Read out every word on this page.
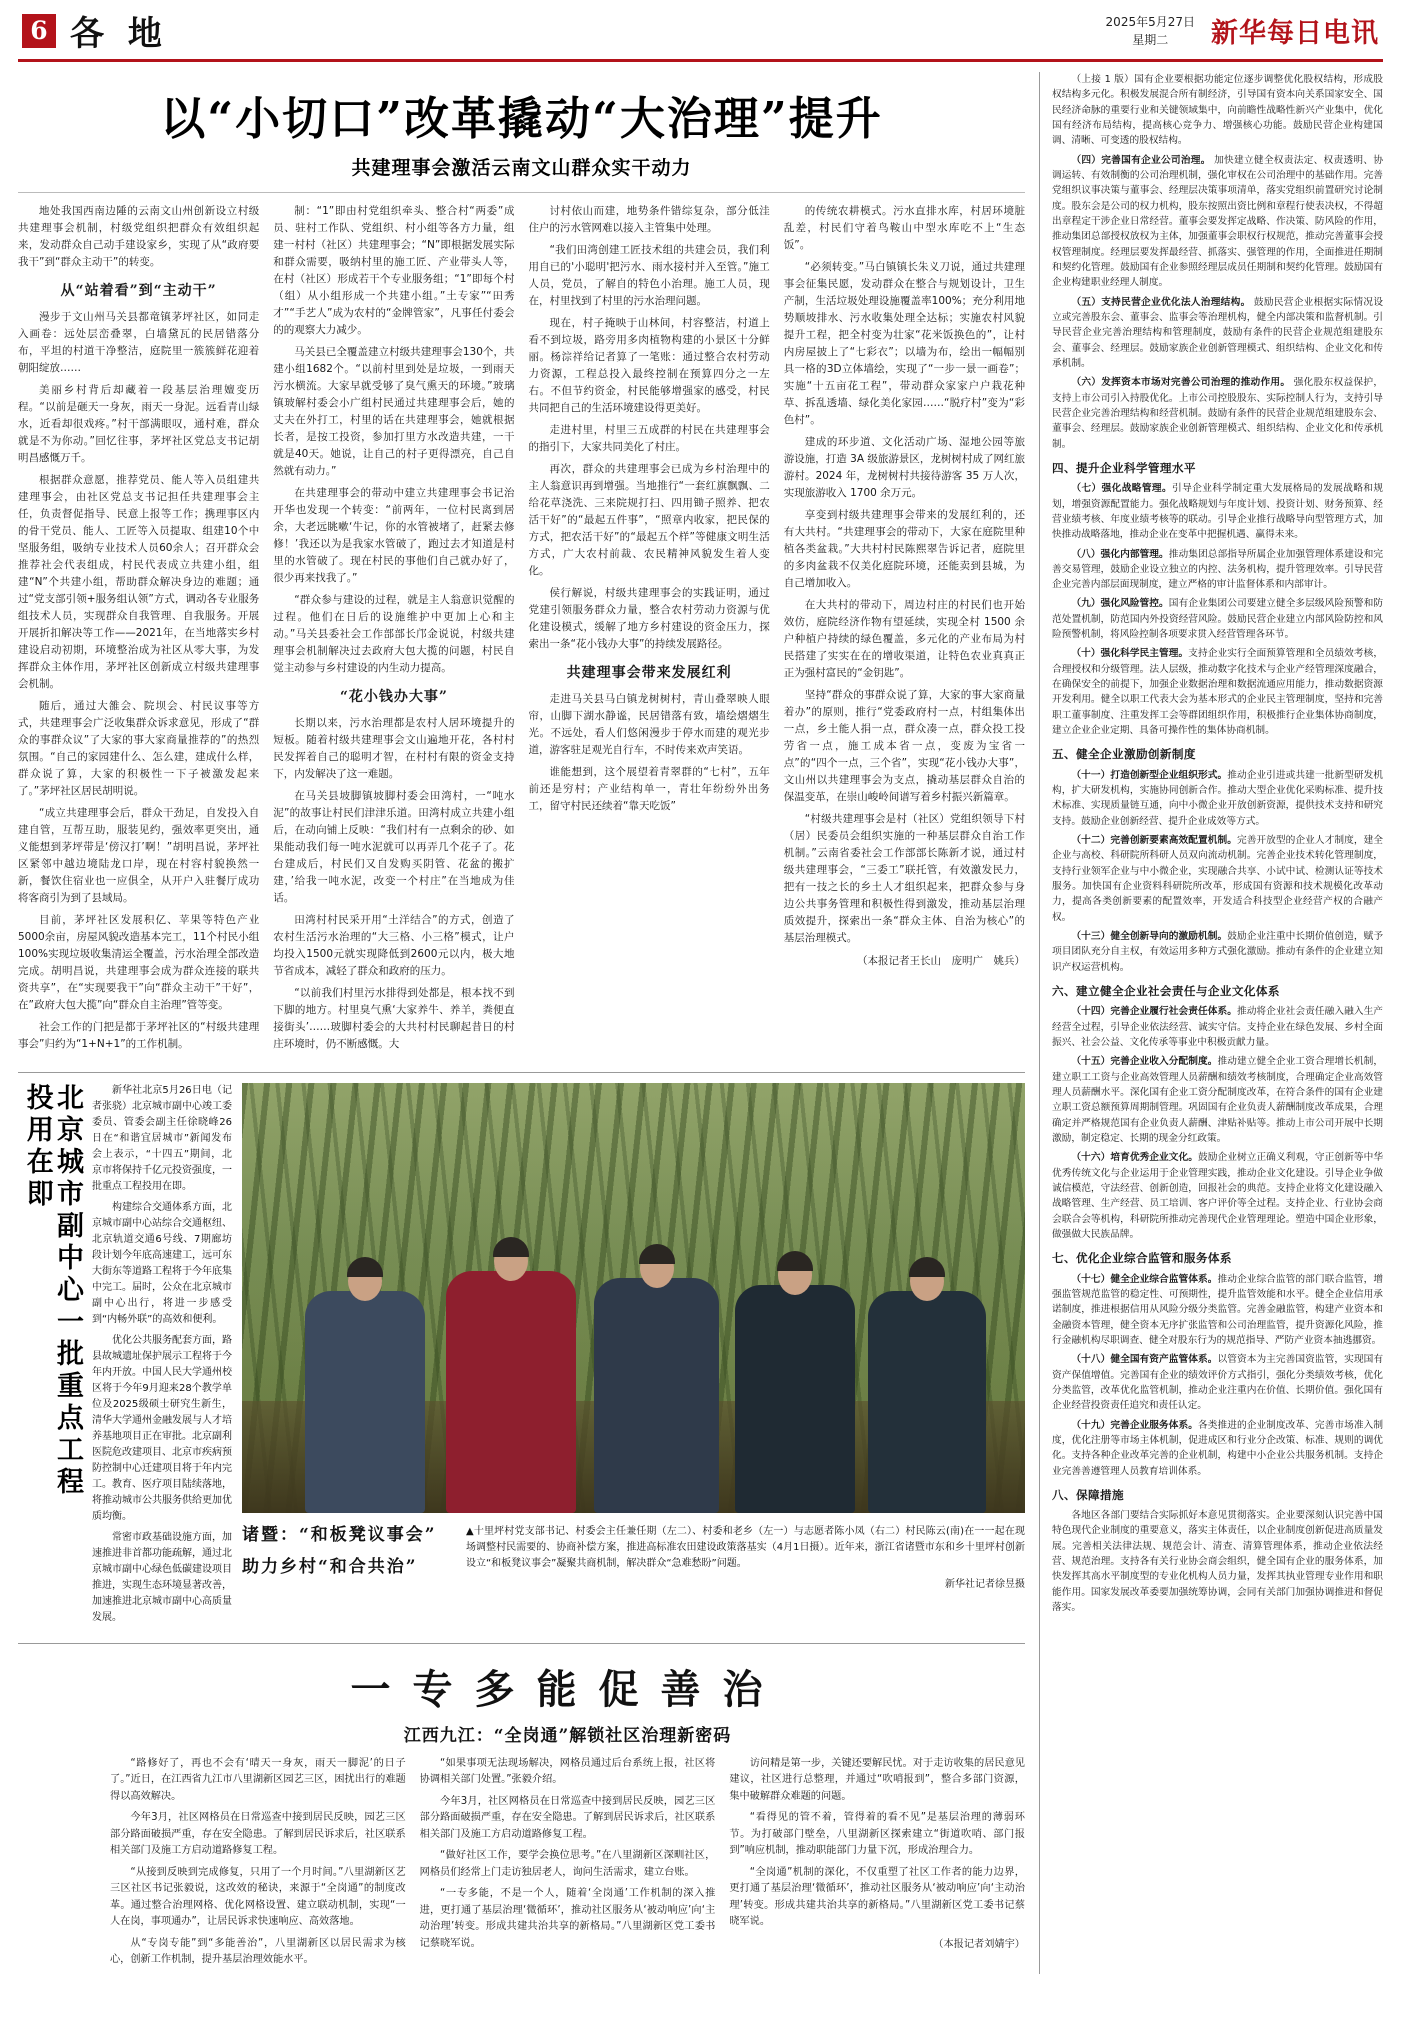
6 各 地	2025年5月27日
星期二	新华每日电讯
以“小切口”改革撬动“大治理”提升
共建理事会激活云南文山群众实干动力

地处我国西南边陲的云南文山州创新设立村级共建理事会机制，村级党组织把群众有效组织起来，发动群众自己动手建设家乡，实现了从“政府要我干”到“群众主动干”的转变。

从“站着看”到“主动干”

漫步于文山州马关县都竜镇茅坪社区，如同走入画卷：远处层峦叠翠，白墙黛瓦的民居错落分布，平坦的村道干净整洁，庭院里一簇簇鲜花迎着朝阳绽放……

美丽乡村背后却藏着一段基层治理嬗变历程。“以前是砸天一身灰，雨天一身泥。远看青山绿水，近看却很戏疼。”村干部满眼叹，通村难，群众就是不为你动。”回忆往事，茅坪社区党总支书记胡明昌感慨万千。

根据群众意愿，推荐党员、能人等入员组建共建理事会，由社区党总支书记担任共建理事会主任，负责督促指导、民意上报等工作；携理事区内的骨干党员、能人、工匠等入员提取、组建10个中坚服务组，吸纳专业技术人员60余人；召开群众会推荐社会代表组成，村民代表成立共建小组，组建“N”个共建小组，帮助群众解决身边的难题；通过“党支部引领+服务组认领”方式，调动各专业服务组技术人员，实现群众自我管理、自我服务。开展开展折扣解决等工作——2021年，在当地落实乡村建设启动初期，环境整治成为社区从零大事，为发挥群众主体作用，茅坪社区创新成立村级共建理事会机制。

随后，通过大雒会、院坝会、村民议事等方式，共建理事会广泛收集群众诉求意见，形成了“群众的事群众议”了大家的事大家商量推荐的”的热烈氛围。“自己的家园建什么、怎么建，建成什么样，群众说了算，大家的积极性一下子被激发起来了。”茅坪社区居民胡明说。

“成立共建理事会后，群众干劲足，自发投入自建自管，互帮互助，服装见约，强效率更突出，通义能想到茅坪带是‘傍汉打’啊！”胡明昌说，茅坪社区紧邻中越边境陆龙口岸，现在村容村貌换然一新，餐饮住宿业也一应俱全，从开户入驻餐厅成功将客商引为到了县域局。

目前，茅坪社区发展积亿、苹果等特色产业5000余亩，房屋风貌改造基本完工，11个村民小组100%实现垃圾收集清运全覆盖，污水治理全部改造完成。胡明昌说，共建理事会成为群众连接的联共资共享”，在“实现要我干”向“群众主动干”干好”，在”政府大包大揽”向“群众自主治理”管等变。

社会工作的门把是都于茅坪社区的“村级共建理事会”归约为“1+N+1”的工作机制。

制：“1”即由村党组织牵头、整合村“两委”成员、驻村工作队、党组织、村小组等各方力量，组建一村村（社区）共建理事会；“N”即根据发展实际和群众需要，吸纳村里的施工匠、产业带头人等，在村（社区）形成若干个专业服务组；“1”即每个村（组）从小组形成一个共建小组。”土专家”“田秀才”“手艺人”成为农村的“金牌管家”，凡事任付委会的的观察大力减少。

马关县已全覆盖建立村级共建理事会130个，共建小组1682个。“以前村里到处是垃圾，一到雨天污水横流。大家早就受够了臭气熏天的环境。”玻璃镇玻解村委会小广组村民通过共建理事会后，她的丈夫在外打工，村里的话在共建理事会，她就根据长者，是按工投资，参加打里方水改造共建，一干就是40天。她说，让自己的村子更得漂亮，自己自然就有动力。”

在共建理事会的带动中建立共建理事会书记治开华也发现一个转变：“前两年，一位村民离到居余，大老远眺嗽‘牛记，你的水管被堵了，赶紧去修修！’我还以为是我家水管破了，跑过去才知道是村里的水管破了。现在村民的事他们自己就办好了，很少再来找我了。”

“群众参与建设的过程，就是主人翁意识觉醒的过程。他们在日后的设施维护中更加上心和主动。”马关县委社会工作部部长邝金说说，村级共建理事会机制解决过去政府大包大揽的问题，村民自觉主动参与乡村建设的内生动力提高。

“花小钱办大事”

长期以来，污水治理都是农村人居环境提升的短板。随着村级共建理事会文山遍地开花，各村村民发挥着自己的聪明才智，在村村有限的资金支持下，内发解决了这一难题。

在马关县坡脚镇坡脚村委会田湾村，一“吨水泥”的故事让村民们津津乐道。田湾村成立共建小组后，在动向铺上反映：“我们村有一点剩余的砂、如果能动我们每一吨水泥就可以再弄几个花子了。花台建成后，村民们又自发购买阴管、花盆的搬扩建，’给我一吨水泥，改变一个村庄”在当地成为佳话。

田湾村村民采开用“土洋结合”的方式，创造了农村生活污水治理的“大三格、小三格”模式，让户均投入1500元就实现降低到2600元以内，极大地节省成本，减轻了群众和政府的压力。

“以前我们村里污水排得到处都是，根本找不到下脚的地方。村里臭气熏‘大家养牛、养羊，粪便直接街头’……玻脚村委会的大共村村民聊起昔日的村庄环境时，仍不断感慨。大

讨村依山而建，地势条件错综复杂，部分低洼住户的污水管网难以接入主管集中处理。

“我们田湾创建工匠技术组的共建会员，我们利用自已的'小聪明'把污水、雨水接村并入至管。”施工人员，党员，了解自的特色小治理。施工人员，现在，村里找到了村里的污水治理问题。

现在，村子掩映于山林间，村容整洁，村道上看不到垃圾，路旁用多肉植物构建的小景区十分鲜丽。杨淙祥给记者算了一笔账：通过整合农村劳动力资源，工程总投入最终控制在预算四分之一左右。不但节约资金，村民能够增强家的感受，村民共同把自己的生活环境建设得更美好。

走进村里，村里三五成群的村民在共建理事会的指引下，大家共同美化了村庄。

再次，群众的共建理事会已成为乡村治理中的主人翁意识再到增强。当地推行“一套红旗飘飘、二给花草浇洗、三来院规打扫、四用锄子照养、把农活干好”的“最起五件事”，“照章内收家，把民保的方式，把农活干好”的“最起五个样”等健康文明生活方式，广大农村前裁、农民精神风貌发生着人变化。

侯行解说，村级共建理事会的实践证明，通过党建引领服务群众力量，整合农村劳动力资源与优化建设模式，缓解了地方乡村建设的资金压力，探索出一条“花小钱办大事”的持续发展路径。

共建理事会带来发展红利

走进马关县马白镇龙树树村，青山叠翠映人眼帘，山脚下湖水静谧，民居错落有致，墙绘熠熠生光。不远处，看人们悠闲漫步于停水而建的观光步道，游客驻足观光自行车，不时传来欢声笑语。

谁能想到，这个展望着青翠群的“七村”，五年前还是穷村；产业结构单一，青壮年纷纷外出务工，留守村民还续着“靠天吃饭”

的传统农耕模式。污水直排水库，村居环境脏乱差，村民们守着鸟鞍山中型水库吃不上“生态饭”。

“必须转变。”马白镇镇长朱义刀说，通过共建理事会征集民愿，发动群众在整合与规划设计，卫生产制，生活垃圾处理设施覆盖率100%；充分利用地势顺坡排水、污水收集处理全达标；实施农村风貌提升工程，把全村变为壮家“花米饭换色的”，让村内房屋披上了“七彩衣”；以墙为布，绘出一幅幅别具一格的3D立体墙绘，实现了“一步一景一画卷”；实施“十五亩花工程”，带动群众家家户户栽花种草、拆乱透墙、绿化美化家园……“脱疗村”变为“彩色村”。

建成的环步道、文化活动广场、湿地公园等旅游设施，打造 3A 级旅游景区，龙树树村成了网红旅游村。2024 年，龙树树村共接待游客 35 万人次，实现旅游收入 1700 余万元。

享变到村级共建理事会带来的发展红利的，还有大共村。“共建理事会的带动下，大家在庭院里种植各类盆栽。”大共村村民陈熙翠告诉记者，庭院里的多肉盆栽不仅美化庭院环境，还能卖到县城，为自己增加收入。

在大共村的带动下，周边村庄的村民们也开始效仿，庭院经济作物有望延续，实现全村 1500 余户种植户持续的绿色覆盖，多元化的产业布局为村民搭建了实实在在的增收渠道，让特色农业真真正正为强村富民的“金钥匙”。

坚持“群众的事群众说了算，大家的事大家商量着办”的原则，推行“党委政府村一点，村组集体出一点，乡土能人捐一点，群众凑一点，群众投工投劳省一点，施工成本省一点，变废为宝省一点”的“四个一点，三个省”，实现“花小钱办大事”，文山州以共建理事会为支点，撬动基层群众自治的保温变革，在崇山峻岭间谱写着乡村振兴新篇章。

“村级共建理事会是村（社区）党组织领导下村（居）民委员会组织实施的一种基层群众自治工作机制。”云南省委社会工作部部长陈新才说，通过村级共建理事会，“三委工”联托管，有效激发民力，把有一技之长的乡土人才组织起来，把群众参与身边公共事务管理和积极性得到激发，推动基层治理质效提升，探索出一条“群众主体、自治为核心”的基层治理模式。

（本报记者王长山　庞明广　姚兵）
北京城市副中心一批重点工程投用在即	新华社北京5月26日电（记者张骁）北京城市副中心竣工委委员、管委会副主任徐晓峰26日在“和谐宜居城市”新闻发布会上表示，“十四五”期间，北京市将保持千亿元投资强度，一批重点工程投用在即。

构建综合交通体系方面，北京城市副中心站综合交通枢纽、北京轨道交通6号线、7期廊坊段计划今年底高速建工，远可东大街东等道路工程将于今年底集中完工。届时，公众在北京城市副中心出行，将进一步感受到“内畅外联”的高效和便利。

优化公共服务配套方面，路县故城遗址保护展示工程将于今年内开放。中国人民大学通州校区将于今年9月迎来28个教学单位及2025级硕士研究生新生，清华大学通州金融发展与人才培养基地项目正在审批。北京副利医院危改建项目、北京市疾病预防控制中心迁建项目将于年内完工。教育、医疗项目陆续落地，将推动城市公共服务供给更加优质均衡。

常密市政基础设施方面，加速推进非首都功能疏解，通过北京城市副中心绿色低碳建设项目推进，实现生态环境显著改善，加速推进北京城市副中心高质量发展。

诸暨：“和板凳议事会”
助力乡村“和合共治”
▲十里坪村党支部书记、村委会主任兼任期（左二）、村委和老乡（左一）与志愿者陈小凤（右二）村民陈云(南)在一一起在现场调整村民需要的、协商补偿方案，推进高标准农田建设政策落基实（4月1日摄）。近年来，浙江省诸暨市东和乡十里坪村创新设立“和板凳议事会”凝聚共商机制，解决群众“急难愁盼”问题。
新华社记者徐昱摄
一专多能促善治
江西九江：“全岗通”解锁社区治理新密码

“路修好了，再也不会有‘晴天一身灰，雨天一脚泥’的日子了。”近日，在江西省九江市八里湖新区园艺三区，困扰出行的难题得以高效解决。

今年3月，社区网格员在日常巡查中接到居民反映，园艺三区部分路面破损严重，存在安全隐患。了解到居民诉求后，社区联系相关部门及施工方启动道路修复工程。

“从接到反映到完成修复，只用了一个月时间。”八里湖新区艺三区社区书记张毅说，这改效的秘诀，来源于“全岗通”的制度改革。通过整合治理网格、优化网格设置、建立联动机制，实现“一人在岗，事项通办”，让居民诉求快速响应、高效落地。

从“专岗专能”到“多能善治”，八里湖新区以居民需求为核心，创新工作机制，提升基层治理效能水平。

“如果事项无法现场解决，网格员通过后台系统上报，社区将协调相关部门处置。”张毅介绍。

今年3月，社区网格员在日常巡查中接到居民反映，园艺三区部分路面破损严重，存在安全隐患。了解到居民诉求后，社区联系相关部门及施工方启动道路修复工程。

“做好社区工作，要学会换位思考。”在八里湖新区深甽社区，网格员们经常上门走访独居老人，询问生活需求，建立台账。

“一专多能，不是一个人，随着‘全岗通’工作机制的深入推进，更打通了基层治理‘微循环’，推动社区服务从‘被动响应’向‘主动治理’转变。形成共建共治共享的新格局。”八里湖新区党工委书记蔡晓军说。

访问精是第一步，关键还要解民忧。对于走访收集的居民意见建议，社区进行总整理，并通过“吹哨报到”，整合多部门资源，集中破解群众难题的问题。

“看得见的管不着，管得着的看不见”是基层治理的薄弱环节。为打破部门壁垒，八里湖新区探索建立“街道吹哨、部门报到”响应机制，推动职能部门力量下沉，形成治理合力。

“全岗通”机制的深化，不仅重塑了社区工作者的能力边界，更打通了基层治理‘微循环’，推动社区服务从‘被动响应’向‘主动治理’转变。形成共建共治共享的新格局。”八里湖新区党工委书记蔡晓军说。

（本报记者刘婧宇）

（上接 1 版）国有企业要根据功能定位逐步调整优化股权结构，形成股权结构多元化。积极发展混合所有制经济，引导国有资本向关系国家安全、国民经济命脉的重要行业和关键领域集中，向前瞻性战略性新兴产业集中，优化国有经济布局结构，提高核心竞争力、增强核心功能。鼓励民营企业构建国调、清晰、可变透的股权结构。

（四）完善国有企业公司治理。 加快建立健全权责法定、权责透明、协调运转、有效制衡的公司治理机制，强化审权在公司治理中的基础作用。完善党组织议事决策与董事会、经理层决策事项清单，落实党组织前置研究讨论制度。股东会是公司的权力机构，股东按照出资比例和章程行使表决权，不得超出章程定干涉企业日常经营。董事会要发挥定战略、作决策、防风险的作用，推动集团总部授权放权为主体，加强董事会职权行权规范，推动完善董事会授权管理制度。经理层要发挥最经营、抓落实、强管理的作用，全面推进任期制和契约化管理。鼓励国有企业参照经理层成员任期制和契约化管理。鼓励国有企业构建职业经理人制度。

（五）支持民营企业优化法人治理结构。 鼓励民营企业根据实际情况设立或完善股东会、董事会、监事会等治理机构，健全内部决策和监督机制。引导民营企业完善治理结构和管理制度，鼓励有条件的民营企业规范组建股东会、董事会、经理层。鼓励家族企业创新管理模式、组织结构、企业文化和传承机制。

（六）发挥资本市场对完善公司治理的推动作用。 强化股东权益保护，支持上市公司引入持股优化。上市公司控股股东、实际控制人行为，支持引导民营企业完善治理结构和经营机制。鼓励有条件的民营企业规范组建股东会、董事会、经理层。鼓励家族企业创新管理模式、组织结构、企业文化和传承机制。

四、提升企业科学管理水平

（七）强化战略管理。引导企业科学制定重大发展格局的发展战略和规划，增强资源配置能力。强化战略规划与年度计划、投资计划、财务预算、经营业绩考核、年度业绩考核等的联动。引导企业推行战略导向型管理方式，加快推动战略落地，推动企业在变革中把握机遇、赢得未来。

（八）强化内部管理。推动集团总部指导所属企业加强管理体系建设和完善交易管理，鼓励企业设立独立的内控、法务机构，提升管理效率。引导民营企业完善内部层面现制度，建立严格的审计监督体系和内部审计。

（九）强化风险管控。国有企业集团公司要建立健全多层级风险预警和防范处置机制，防范国内外投资经营风险。鼓励民营企业建立内部风险防控和风险预警机制，将风险控制各项要求贯入经营管理各环节。

（十）强化科学民主管理。支持企业实行全面预算管理和全员绩效考核，合理授权和分级管理。法人层级，推动数字化技术与企业产经管理深度融合，在确保安全的前提下，加强企业数据治理和数据流通应用能力，推动数据资源开发利用。健全以职工代表大会为基本形式的企业民主管理制度，坚持和完善职工董事制度、注重发挥工会等群团组织作用，积极推行企业集体协商制度，建立企业企业定期、具备可操作性的集体协商机制。

五、健全企业激励创新制度

（十一）打造创新型企业组织形式。推动企业引进或共建一批新型研发机构，扩大研发机构，实施协同创新合作。推动大型企业优化采购标准、提升技术标准、实现质量链互通，向中小微企业开放创新资源，提供技术支持和研究支持。鼓励企业创新经营、提升企业成效等方式。

（十二）完善创新要素高效配置机制。完善开放型的企业人才制度，建全企业与高校、科研院所科研人员双向流动机制。完善企业技术转化管理制度，支持行业领军企业与中小微企业，实现融合共享、小试中试、检测认证等技术服务。加快国有企业资料科研院所改革，形成国有资源和技术规模化改革动力，提高各类创新要素的配置效率，开发适合科技型企业经营产权的合融产权。

（十三）健全创新导向的激励机制。鼓励企业注重中长期价值创造，赋予项目团队充分自主权，有效运用多种方式强化激励。推动有条件的企业建立知识产权运营机构。

六、建立健全企业社会责任与企业文化体系

（十四）完善企业履行社会责任体系。推动将企业社会责任融入融入生产经营全过程，引导企业依法经营、诚实守信。支持企业在绿色发展、乡村全面振兴、社会公益、文化传承等事业中积极贡献力量。

（十五）完善企业收入分配制度。推动建立健全企业工资合理增长机制，建立职工工资与企业高效管理人员薪酬和绩效考核制度，合理确定企业高效管理人员薪酬水平。深化国有企业工资分配制度改革，在符合条件的国有企业建立职工资总额预算周期制管理。巩固国有企业负责人薪酬制度改革成果，合理确定并严格规范国有企业负责人薪酬、津贴补贴等。推动上市公司开展中长期激励，制定稳定、长期的现金分红政策。

（十六）培育优秀企业文化。鼓励企业树立正确义利观，守正创新等中华优秀传统文化与企业运用于企业管理实践，推动企业文化建设。引导企业争做诚信模范，守法经营、创新创造，回报社会的典范。支持企业将文化建设融入战略管理、生产经营、员工培训、客户评价等全过程。支持企业、行业协会商会联合会等机构，科研院所推动完善现代企业管理理论。塑造中国企业形象，做强做大民族品牌。

七、优化企业综合监管和服务体系

（十七）健全企业综合监管体系。推动企业综合监管的部门联合监管，增强监管规范监管的稳定性、可预期性，提升监管效能和水平。健全企业信用承诺制度，推进根据信用从风险分级分类监管。完善金融监管，构建产业资本和金融资本管理，健全资本无序扩张监管和公司治理监管，提升资源化风险，推行金融机构尽职调查、健全对股东行为的规范指导、严防产业资本抽逃挪资。

（十八）健全国有资产监管体系。以管资本为主完善国资监管，实现国有资产保值增值。完善国有企业的绩效评价方式指引，强化分类绩效考核，优化分类监管，改革优化监管机制，推动企业注重内在价值、长期价值。强化国有企业经营投资责任追究和责任认定。

（十九）完善企业服务体系。各类推进的企业制度改革、完善市场准入制度，优化注册等市场主体机制，促进成区和行业分企改策、标准、规则的调优化。支持各种企业改革完善的企业机制，构建中小企业公共服务机制。支持企业完善善遵管理人员教育培训体系。

八、保障措施

各地区各部门要结合实际抓好本意见贯彻落实。企业要深刻认识完善中国特色现代企业制度的重要意义，落实主体责任，以企业制度创新促进高质量发展。完善相关法律法规、规范会计、清查、清算管理体系，推动企业依法经营、规范治理。支持各有关行业协会商会组织，健全国有企业的服务体系，加快发挥其高水平制度型的专业化机构人员力量，发挥其执业管理专业作用和职能作用。国家发展改革委要加强统筹协调，会同有关部门加强协调推进和督促落实。
